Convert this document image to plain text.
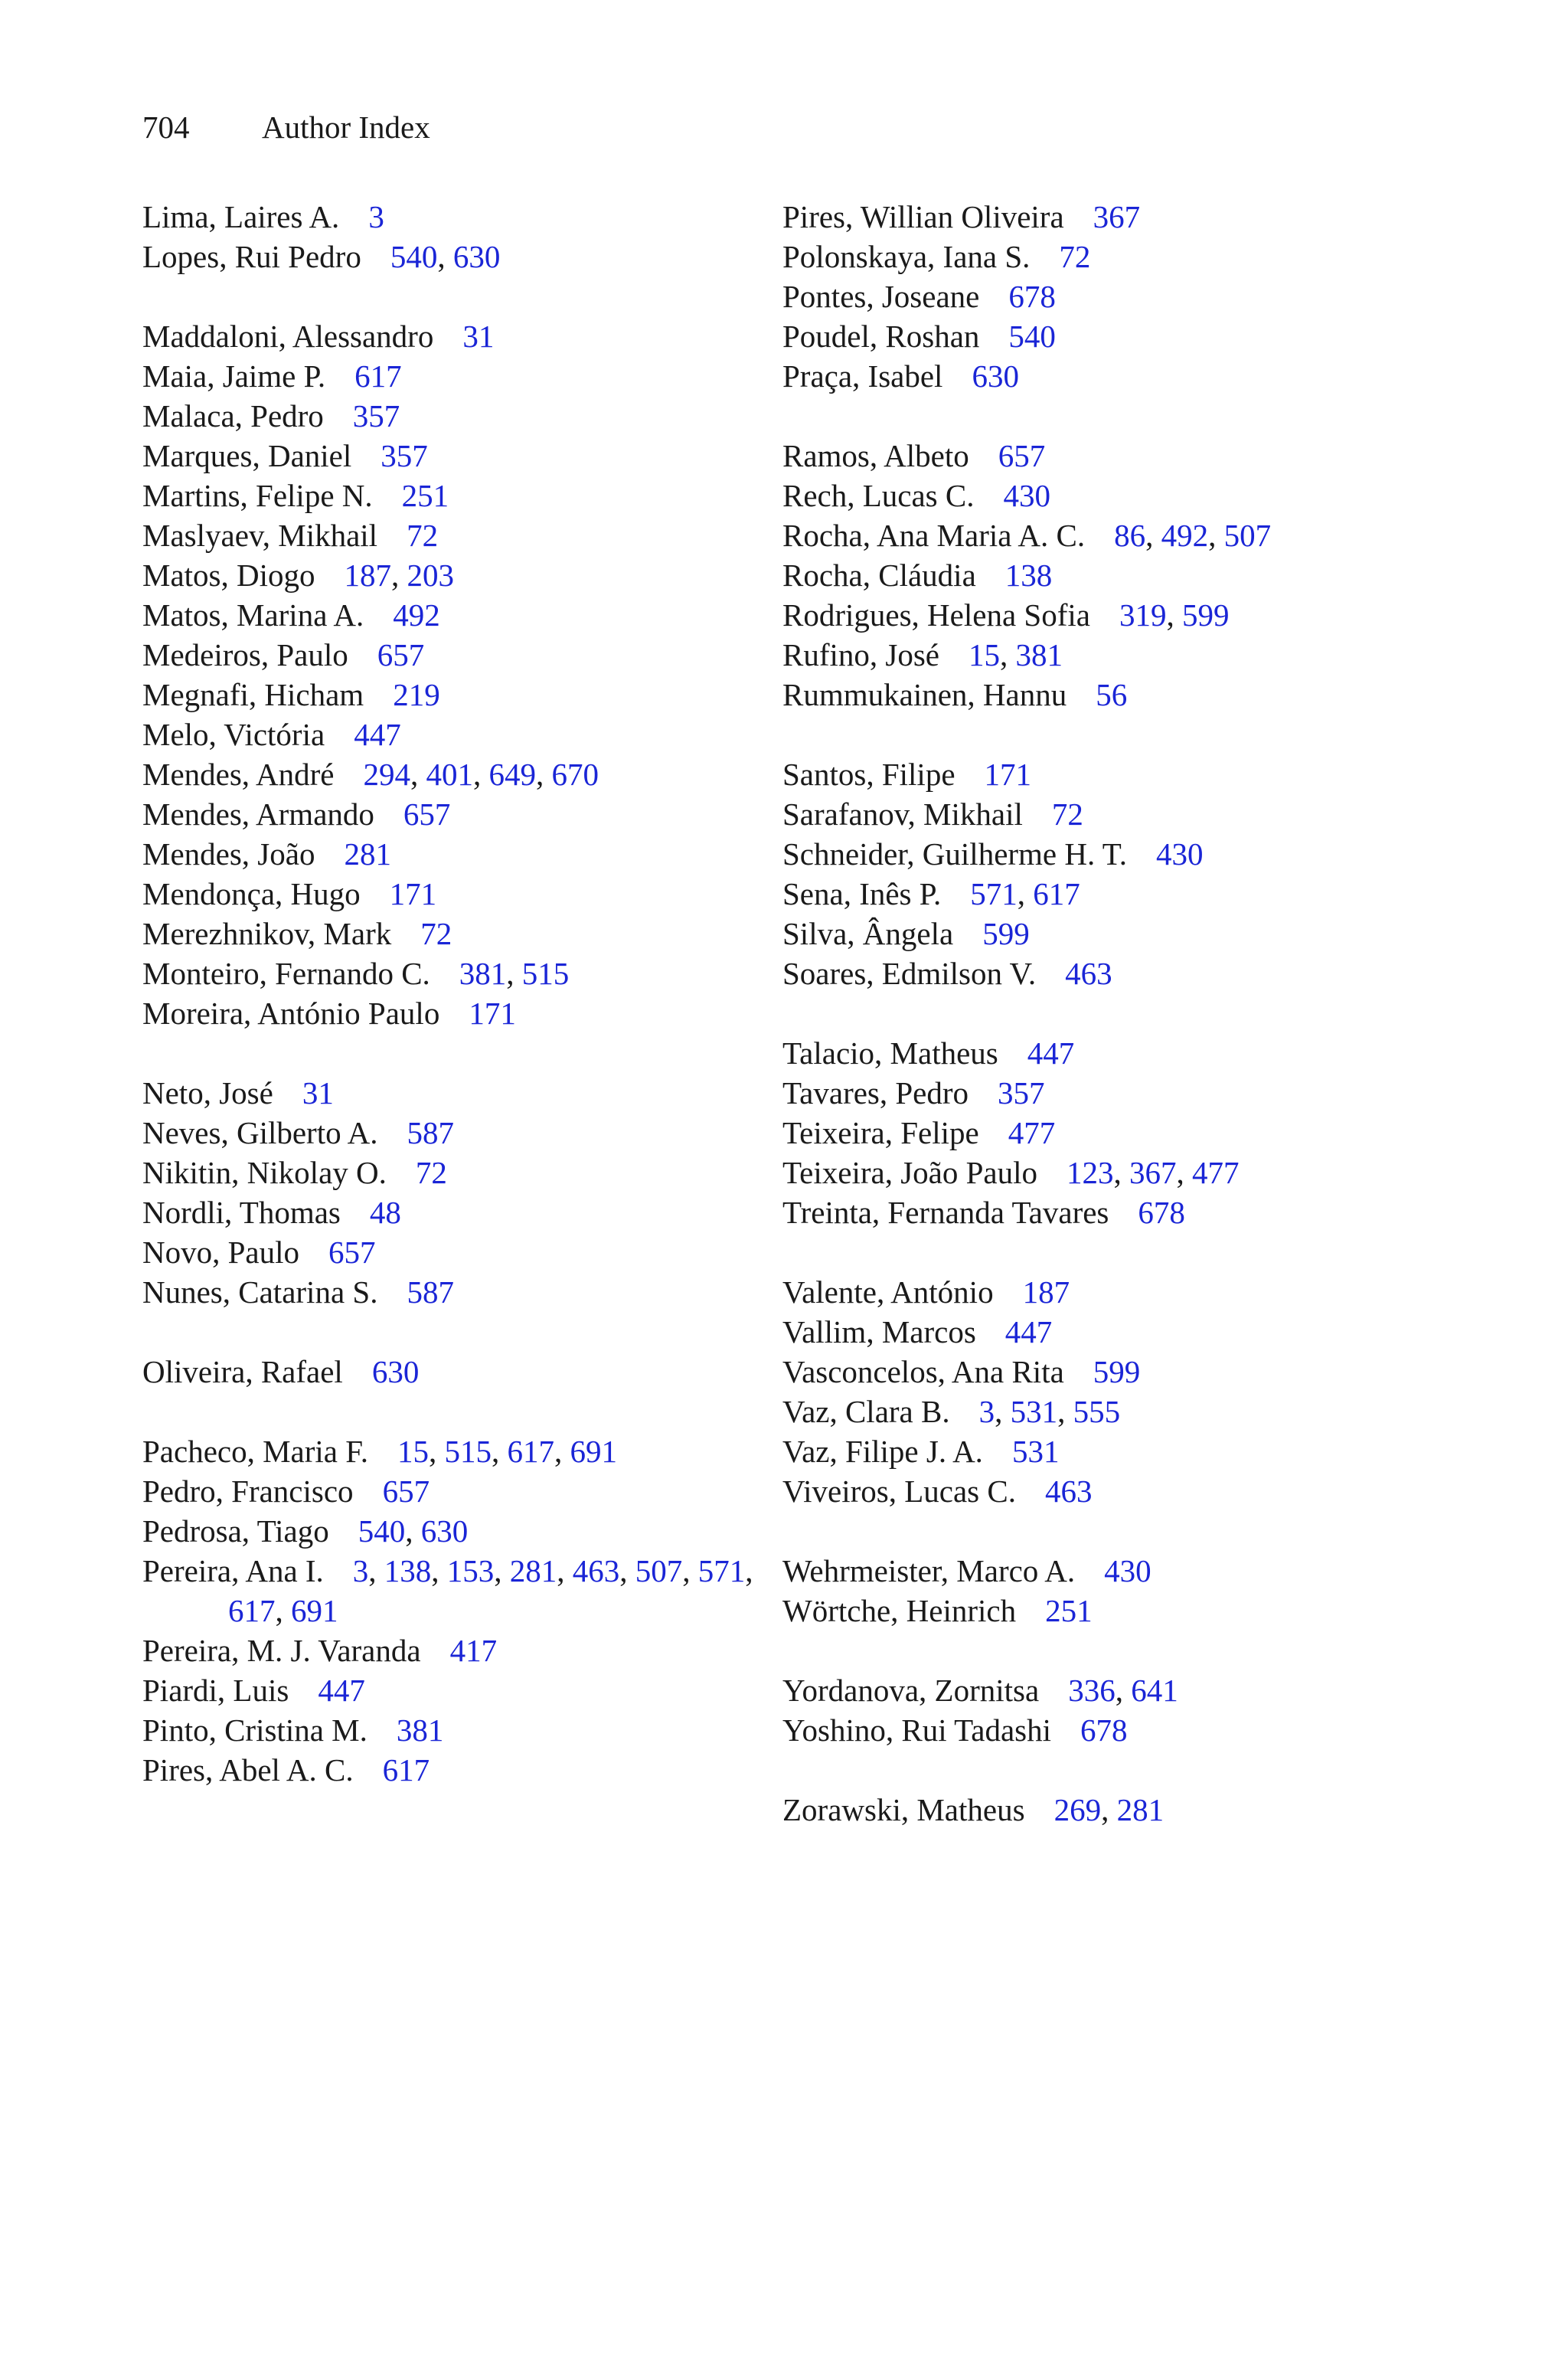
704 Author Index
Lima, Laires A. 3
Lopes, Rui Pedro 540, 630
Maddaloni, Alessandro 31
Maia, Jaime P. 617
Malaca, Pedro 357
Marques, Daniel 357
Martins, Felipe N. 251
Maslyaev, Mikhail 72
Matos, Diogo 187, 203
Matos, Marina A. 492
Medeiros, Paulo 657
Megnafi, Hicham 219
Melo, Victória 447
Mendes, André 294, 401, 649, 670
Mendes, Armando 657
Mendes, João 281
Mendonça, Hugo 171
Merezhnikov, Mark 72
Monteiro, Fernando C. 381, 515
Moreira, António Paulo 171
Neto, José 31
Neves, Gilberto A. 587
Nikitin, Nikolay O. 72
Nordli, Thomas 48
Novo, Paulo 657
Nunes, Catarina S. 587
Oliveira, Rafael 630
Pacheco, Maria F. 15, 515, 617, 691
Pedro, Francisco 657
Pedrosa, Tiago 540, 630
Pereira, Ana I. 3, 138, 153, 281, 463, 507, 571, 617, 691
Pereira, M. J. Varanda 417
Piardi, Luis 447
Pinto, Cristina M. 381
Pires, Abel A. C. 617
Pires, Willian Oliveira 367
Polonskaya, Iana S. 72
Pontes, Joseane 678
Poudel, Roshan 540
Praça, Isabel 630
Ramos, Albeto 657
Rech, Lucas C. 430
Rocha, Ana Maria A. C. 86, 492, 507
Rocha, Cláudia 138
Rodrigues, Helena Sofia 319, 599
Rufino, José 15, 381
Rummukainen, Hannu 56
Santos, Filipe 171
Sarafanov, Mikhail 72
Schneider, Guilherme H. T. 430
Sena, Inês P. 571, 617
Silva, Ângela 599
Soares, Edmilson V. 463
Talacio, Matheus 447
Tavares, Pedro 357
Teixeira, Felipe 477
Teixeira, João Paulo 123, 367, 477
Treinta, Fernanda Tavares 678
Valente, António 187
Vallim, Marcos 447
Vasconcelos, Ana Rita 599
Vaz, Clara B. 3, 531, 555
Vaz, Filipe J. A. 531
Viveiros, Lucas C. 463
Wehrmeister, Marco A. 430
Wörtche, Heinrich 251
Yordanova, Zornitsa 336, 641
Yoshino, Rui Tadashi 678
Zorawski, Matheus 269, 281
